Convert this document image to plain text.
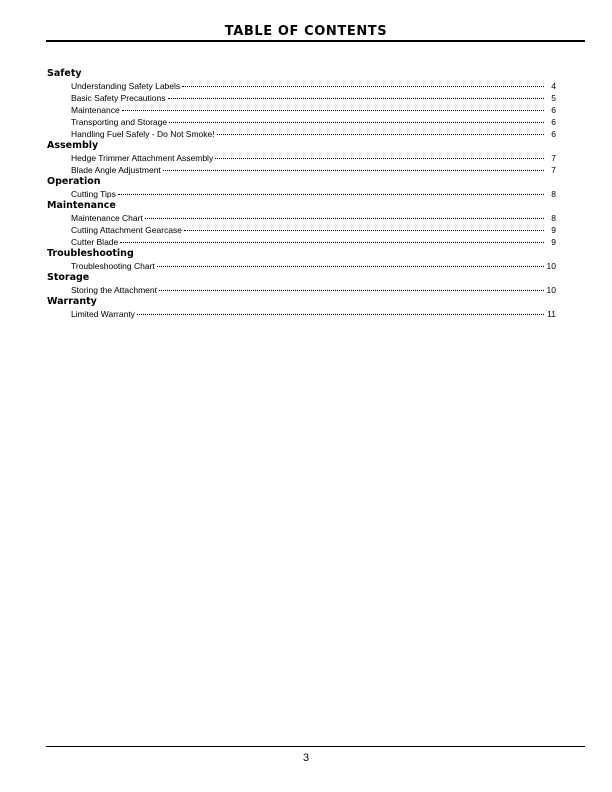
TABLE OF CONTENTS
Safety
Understanding Safety Labels	4
Basic Safety Precautions	5
Maintenance	6
Transporting and Storage	6
Handling Fuel Safely - Do Not Smoke!	6
Assembly
Hedge Trimmer Attachment Assembly	7
Blade Angle Adjustment	7
Operation
Cutting Tips	8
Maintenance
Maintenance Chart	8
Cutting Attachment Gearcase	9
Cutter Blade	9
Troubleshooting
Troubleshooting Chart	10
Storage
Storing the Attachment	10
Warranty
Limited Warranty	11
3
